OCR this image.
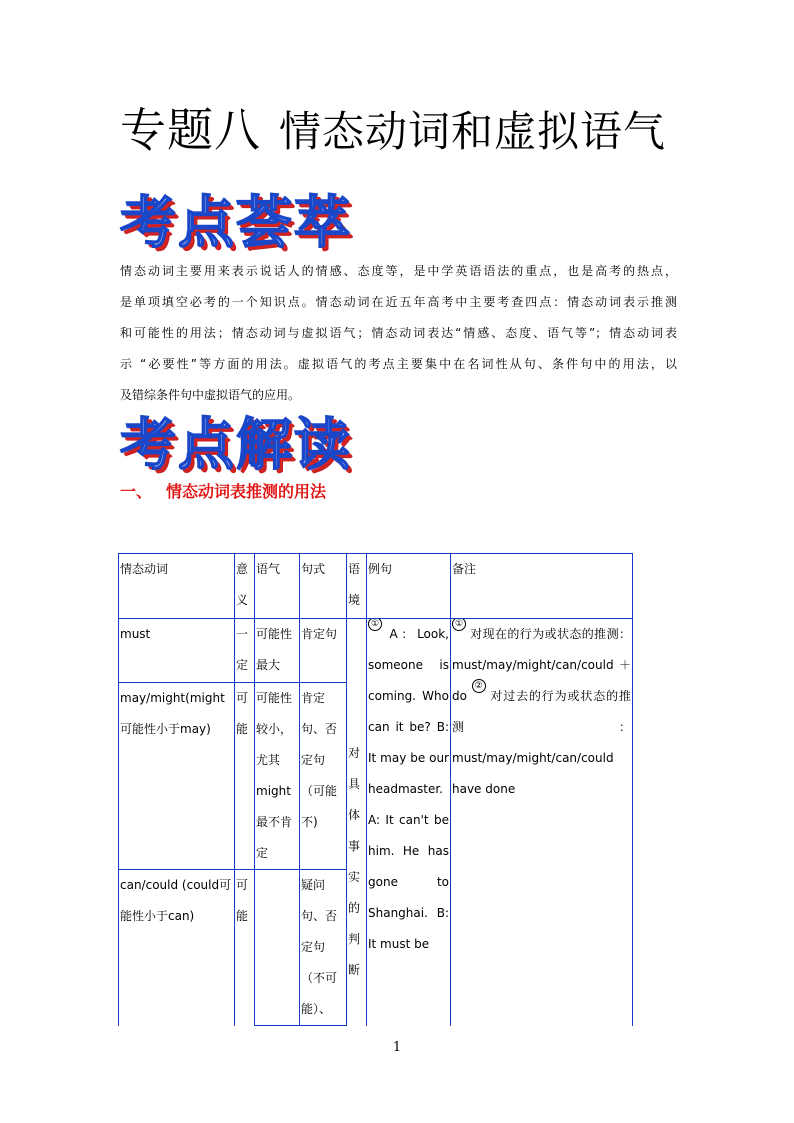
专题八 情态动词和虚拟语气
考点荟萃
情态动词主要用来表示说话人的情感、态度等，是中学英语语法的重点，也是高考的热点，
是单项填空必考的一个知识点。情态动词在近五年高考中主要考查四点：情态动词表示推测
和可能性的用法；情态动词与虚拟语气；情态动词表达“情感、态度、语气等”；情态动词表
示 “必要性”等方面的用法。虚拟语气的考点主要集中在名词性从句、条件句中的用法，以
及错综条件句中虚拟语气的应用。
考点解读
一、 情态动词表推测的用法
情态动词	意义	语气	句式	语境	例句	备注
must	一定	可能性最大	肯定句	对具体事实的判断	① A：Look, someone is coming. Who can it be? B: It may be our headmaster. A: It can't be him. He has gone to Shanghai. B: It must be	① 对现在的行为或状态的推测：must/may/might/can/could＋do ② 对过去的行为或状态的推测：must/may/might/can/could have done
may/might(might可能性小于may)	可能	可能性较小，尤其might最不肯定	肯定句、否定句（可能不)			
can/could (could可能性小于can)	可能		疑问句、否定句（不可能）、			
1
